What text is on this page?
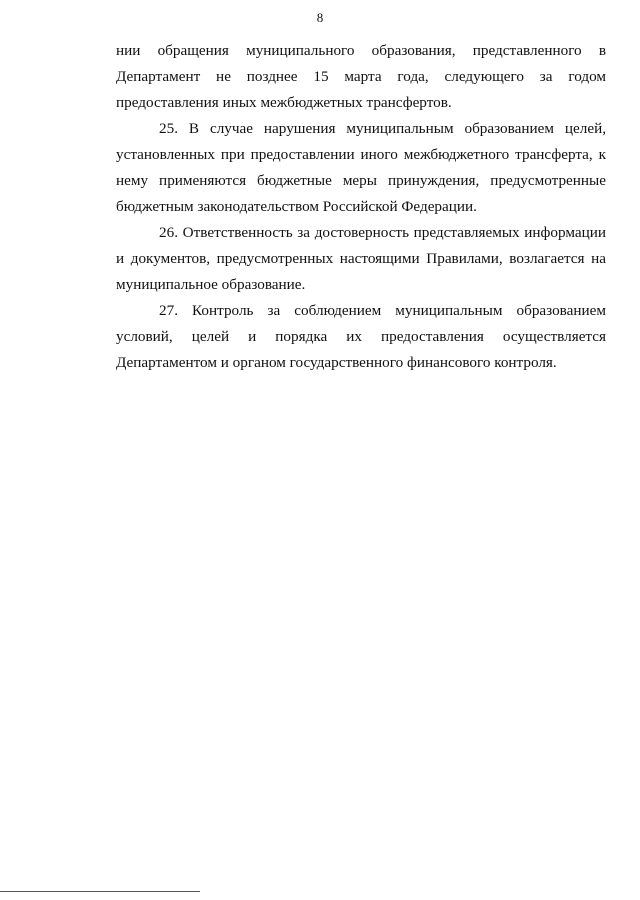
8

нии обращения муниципального образования, представленного в Департамент не позднее 15 марта года, следующего за годом предоставления иных межбюджетных трансфертов.

25. В случае нарушения муниципальным образованием целей, установленных при предоставлении иного межбюджетного трансферта, к нему применяются бюджетные меры принуждения, предусмотренные бюджетным законодательством Российской Федерации.

26. Ответственность за достоверность представляемых информации и документов, предусмотренных настоящими Правилами, возлагается на муниципальное образование.

27. Контроль за соблюдением муниципальным образованием условий, целей и порядка их предоставления осуществляется Департаментом и органом государственного финансового контроля.
